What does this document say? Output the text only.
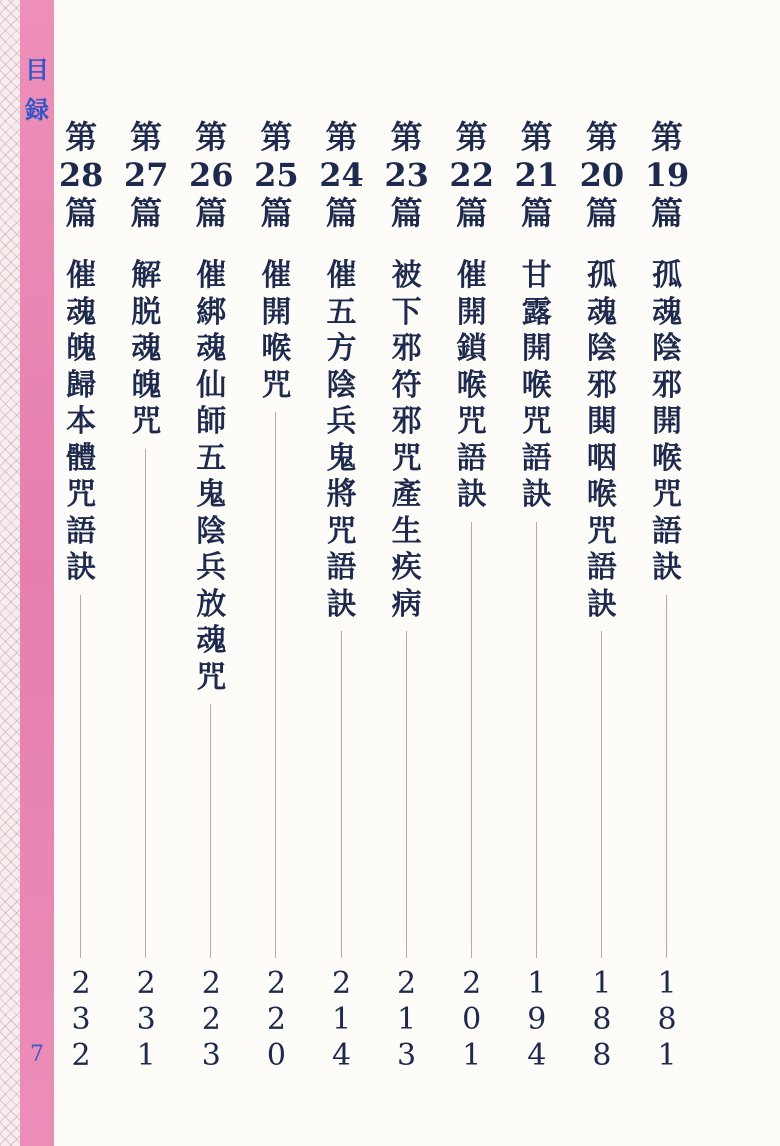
目
録
7
第
19
篇
孤
魂
陰
邪
開
喉
咒
語
訣
1
8
1
第
20
篇
孤
魂
陰
邪
閧
咽
喉
咒
語
訣
1
8
8
第
21
篇
甘
露
開
喉
咒
語
訣
1
9
4
第
22
篇
催
開
鎖
喉
咒
語
訣
2
0
1
第
23
篇
被
下
邪
符
邪
咒
產
生
疾
病
2
1
3
第
24
篇
催
五
方
陰
兵
鬼
將
咒
語
訣
2
1
4
第
25
篇
催
開
喉
咒
2
2
0
第
26
篇
催
綁
魂
仙
師
五
鬼
陰
兵
放
魂
咒
2
2
3
第
27
篇
解
脱
魂
魄
咒
2
3
1
第
28
篇
催
魂
魄
歸
本
體
咒
語
訣
2
3
2
